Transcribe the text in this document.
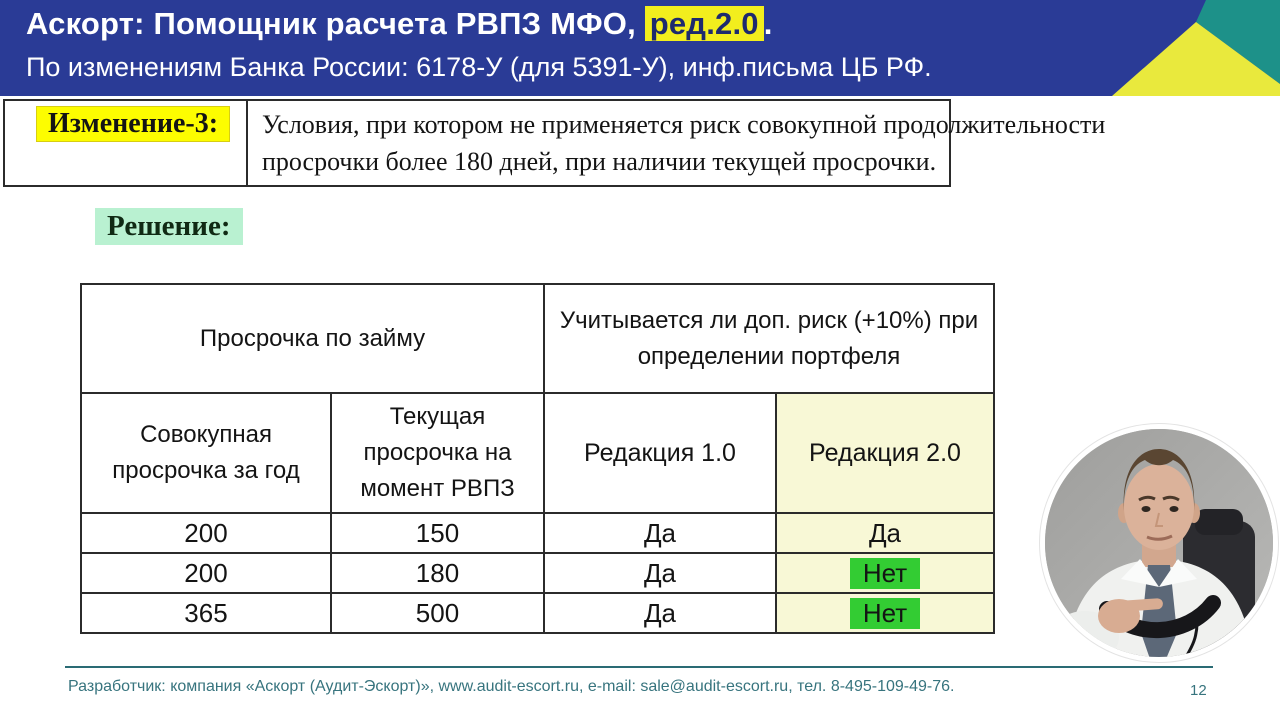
Аскорт: Помощник расчета РВПЗ МФО, ред.2.0 .
По изменениям Банка России: 6178-У (для 5391-У), инф.письма ЦБ РФ.
Изменение-3:	Условия, при котором не применяется риск совокупной продолжительности просрочки более 180 дней, при наличии текущей просрочки.
Решение:
Просрочка по займу		Учитывается ли доп. риск (+10%) при определении портфеля	
Совокупная просрочка за год	Текущая просрочка на момент РВПЗ	Редакция 1.0	Редакция 2.0
200	150	Да	Да
200	180	Да	Нет
365	500	Да	Нет
Разработчик: компания «Аскорт (Аудит-Эскорт)», www.audit-escort.ru, e-mail: sale@audit-escort.ru, тел. 8-495-109-49-76.	12
